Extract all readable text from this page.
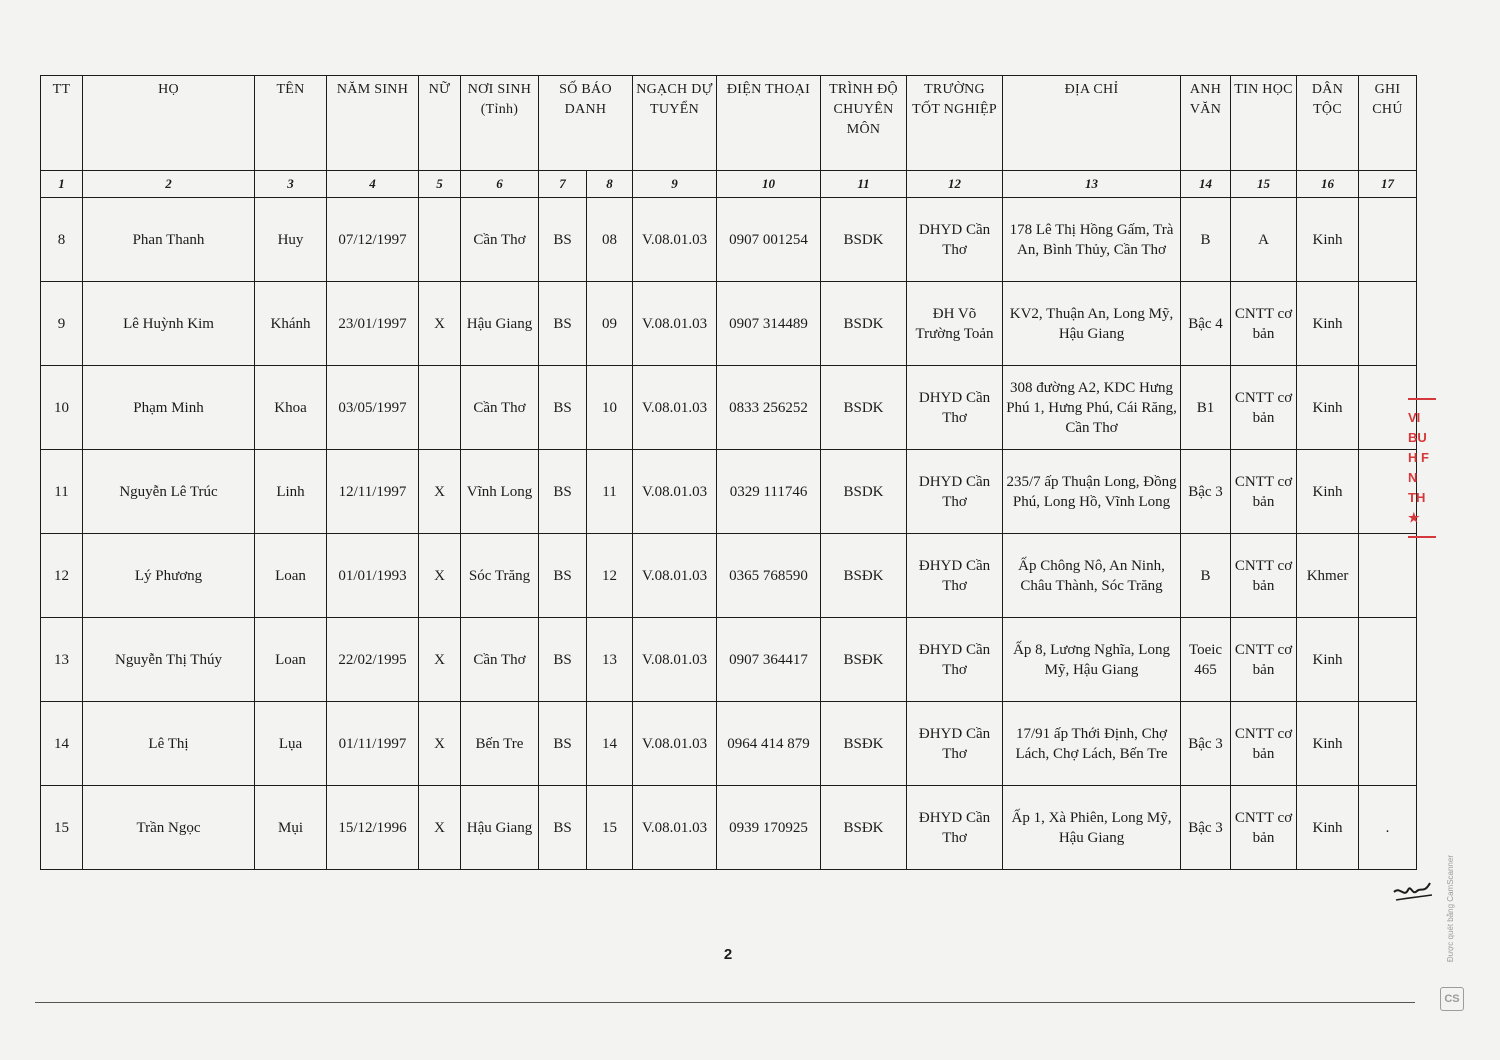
TT	HỌ	TÊN	NĂM SINH	NỮ	NƠI SINH (Tỉnh)	SỐ BÁO DANH		NGẠCH DỰ TUYỂN	ĐIỆN THOẠI	TRÌNH ĐỘ CHUYÊN MÔN	TRƯỜNG TỐT NGHIỆP	ĐỊA CHỈ	ANH VĂN	TIN HỌC	DÂN TỘC	GHI CHÚ
1	2	3	4	5	6	7	8	9	10	11	12	13	14	15	16	17
8	Phan Thanh	Huy	07/12/1997		Cần Thơ	BS	08	V.08.01.03	0907 001254	BSDK	DHYD Cần Thơ	178 Lê Thị Hồng Gấm, Trà An, Bình Thủy, Cần Thơ	B	A	Kinh	
9	Lê Huỳnh Kim	Khánh	23/01/1997	X	Hậu Giang	BS	09	V.08.01.03	0907 314489	BSDK	ĐH Võ Trường Toản	KV2, Thuận An, Long Mỹ, Hậu Giang	Bậc 4	CNTT cơ bản	Kinh	
10	Phạm Minh	Khoa	03/05/1997		Cần Thơ	BS	10	V.08.01.03	0833 256252	BSDK	DHYD Cần Thơ	308 đường A2, KDC Hưng Phú 1, Hưng Phú, Cái Răng, Cần Thơ	B1	CNTT cơ bản	Kinh	
11	Nguyễn Lê Trúc	Linh	12/11/1997	X	Vĩnh Long	BS	11	V.08.01.03	0329 111746	BSDK	DHYD Cần Thơ	235/7 ấp Thuận Long, Đồng Phú, Long Hồ, Vĩnh Long	Bậc 3	CNTT cơ bản	Kinh	
12	Lý Phương	Loan	01/01/1993	X	Sóc Trăng	BS	12	V.08.01.03	0365 768590	BSĐK	ĐHYD Cần Thơ	Ấp Chông Nô, An Ninh, Châu Thành, Sóc Trăng	B	CNTT cơ bản	Khmer	
13	Nguyễn Thị Thúy	Loan	22/02/1995	X	Cần Thơ	BS	13	V.08.01.03	0907 364417	BSĐK	ĐHYD Cần Thơ	Ấp 8, Lương Nghĩa, Long Mỹ, Hậu Giang	Toeic 465	CNTT cơ bản	Kinh	
14	Lê Thị	Lụa	01/11/1997	X	Bến Tre	BS	14	V.08.01.03	0964 414 879	BSĐK	ĐHYD Cần Thơ	17/91 ấp Thới Định, Chợ Lách, Chợ Lách, Bến Tre	Bậc 3	CNTT cơ bản	Kinh	
15	Trần Ngọc	Mụi	15/12/1996	X	Hậu Giang	BS	15	V.08.01.03	0939 170925	BSĐK	ĐHYD Cần Thơ	Ấp 1, Xà Phiên, Long Mỹ, Hậu Giang	Bậc 3	CNTT cơ bản	Kinh	.
VI
BU
H F
N TH
★
2	Được quét bằng CamScanner
CS
